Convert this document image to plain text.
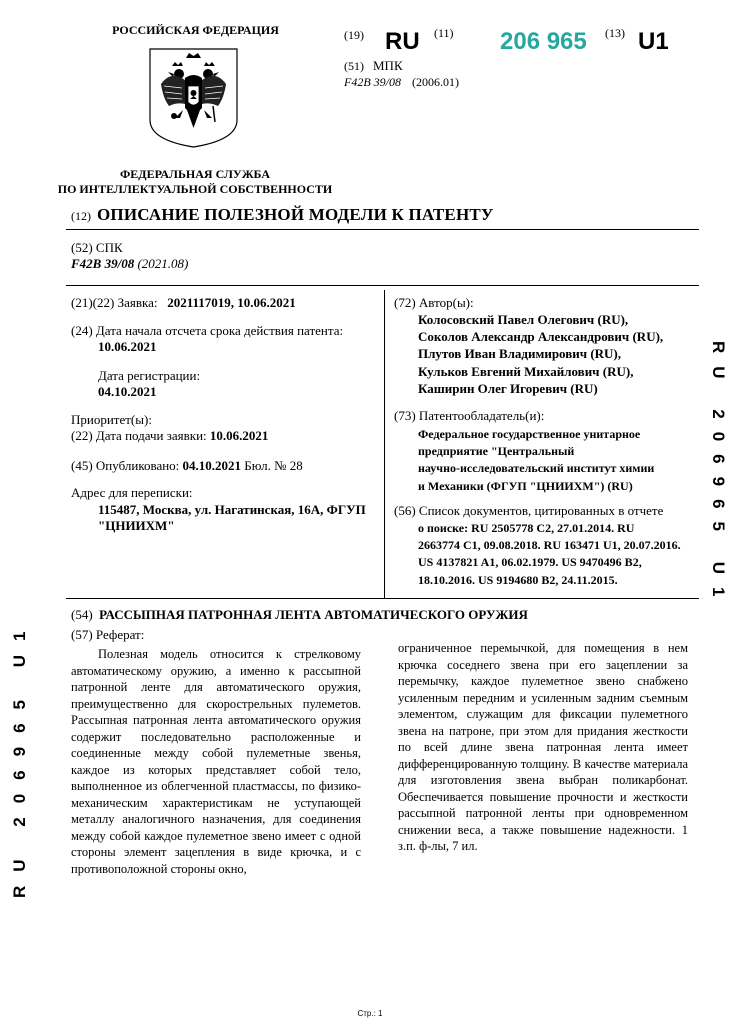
РОССИЙСКАЯ ФЕДЕРАЦИЯ
ФЕДЕРАЛЬНАЯ СЛУЖБА
ПО ИНТЕЛЛЕКТУАЛЬНОЙ СОБСТВЕННОСТИ
(19) RU (11) 206 965 (13) U1
(51) МПК
F42B 39/08 (2006.01)
(12) ОПИСАНИЕ ПОЛЕЗНОЙ МОДЕЛИ К ПАТЕНТУ
(52) СПК
F42B 39/08 (2021.08)
(21)(22) Заявка: 2021117019, 10.06.2021
(24) Дата начала отсчета срока действия патента:
10.06.2021
Дата регистрации:
04.10.2021
Приоритет(ы):
(22) Дата подачи заявки: 10.06.2021
(45) Опубликовано: 04.10.2021 Бюл. № 28
Адрес для переписки:
115487, Москва, ул. Нагатинская, 16А, ФГУП
"ЦНИИХМ"
(72) Автор(ы):
Колосовский Павел Олегович (RU),
Соколов Александр Александрович (RU),
Плутов Иван Владимирович (RU),
Кульков Евгений Михайлович (RU),
Каширин Олег Игоревич (RU)
(73) Патентообладатель(и):
Федеральное государственное унитарное
предприятие "Центральный
научно-исследовательский институт химии
и Механики (ФГУП "ЦНИИХМ") (RU)
(56) Список документов, цитированных в отчете
о поиске: RU 2505778 C2, 27.01.2014. RU
2663774 C1, 09.08.2018. RU 163471 U1, 20.07.2016.
US 4137821 A1, 06.02.1979. US 9470496 B2,
18.10.2016. US 9194680 B2, 24.11.2015.	RU 206965 U1
RU 206965 U1
(54) РАССЫПНАЯ ПАТРОННАЯ ЛЕНТА АВТОМАТИЧЕСКОГО ОРУЖИЯ
(57) Реферат:
Полезная модель относится к стрелковому автоматическому оружию, а именно к рассыпной патронной ленте для автоматического оружия, преимущественно для скорострельных пулеметов. Рассыпная патронная лента автоматического оружия содержит последовательно расположенные и соединенные между собой пулеметные звенья, каждое из которых представляет собой тело, выполненное из облегченной пластмассы, по физико-механическим характеристикам не уступающей металлу аналогичного назначения, для соединения между собой каждое пулеметное звено имеет с одной стороны элемент зацепления в виде крючка, и с противоположной стороны окно,
ограниченное перемычкой, для помещения в нем крючка соседнего звена при его зацеплении за перемычку, каждое пулеметное звено снабжено усиленным передним и усиленным задним съемным элементом, служащим для фиксации пулеметного звена на патроне, при этом для придания жесткости по всей длине звена патронная лента имеет дифференцированную толщину. В качестве материала для изготовления звена выбран поликарбонат. Обеспечивается повышение прочности и жесткости рассыпной патронной ленты при одновременном снижении веса, а также повышение надежности. 1 з.п. ф-лы, 7 ил.
Стр.: 1
